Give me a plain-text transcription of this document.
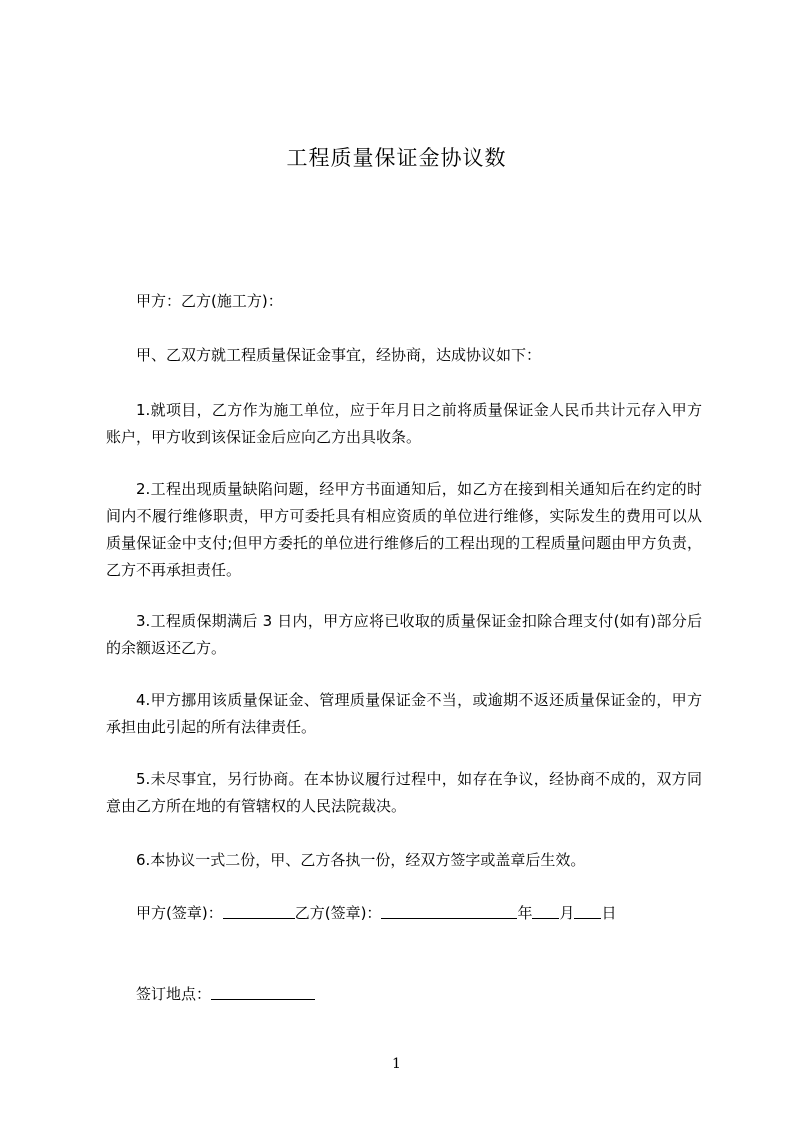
工程质量保证金协议数
甲方：乙方(施工方)：
甲、乙双方就工程质量保证金事宜，经协商，达成协议如下：
1.就项目，乙方作为施工单位，应于年月日之前将质量保证金人民币共计元存入甲方账户，甲方收到该保证金后应向乙方出具收条。
2.工程出现质量缺陷问题，经甲方书面通知后，如乙方在接到相关通知后在约定的时间内不履行维修职责，甲方可委托具有相应资质的单位进行维修，实际发生的费用可以从质量保证金中支付;但甲方委托的单位进行维修后的工程出现的工程质量问题由甲方负责，乙方不再承担责任。
3.工程质保期满后 3 日内，甲方应将已收取的质量保证金扣除合理支付(如有)部分后的余额返还乙方。
4.甲方挪用该质量保证金、管理质量保证金不当，或逾期不返还质量保证金的，甲方承担由此引起的所有法律责任。
5.未尽事宜，另行协商。在本协议履行过程中，如存在争议，经协商不成的，双方同意由乙方所在地的有管辖权的人民法院裁决。
6.本协议一式二份，甲、乙方各执一份，经双方签字或盖章后生效。
甲方(签章)：	乙方(签章)：	年 月 日
签订地点：
1
